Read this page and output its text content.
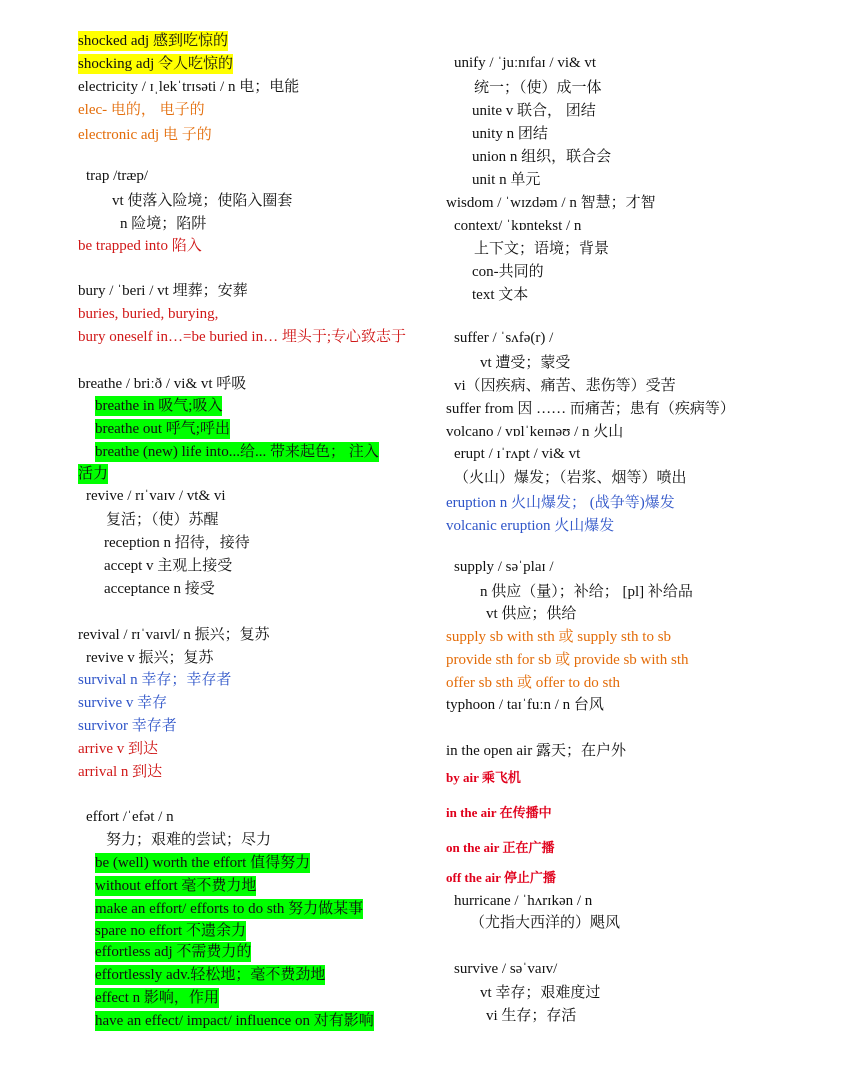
shocked adj 感到吃惊的
shocking adj 令人吃惊的
electricity / ɪˌlekˈtrɪsəti / n 电；电能
elec- 电的， 电子的
electronic adj 电 子的
trap /træp/
vt 使落入险境；使陷入圈套
n 险境；陷阱
be trapped into 陷入
bury / ˈberi / vt 埋葬；安葬
buries, buried, burying,
bury oneself in…=be buried in… 埋头于;专心致志于
breathe / briːð / vi& vt 呼吸
breathe in 吸气;吸入
breathe out 呼气;呼出
breathe (new) life into...给... 带来起色； 注入
活力
revive / rɪˈvaɪv / vt& vi
复活；（使）苏醒
reception n 招待，接待
accept v 主观上接受
acceptance n 接受
revival / rɪˈvaɪvl/ n 振兴；复苏
revive v 振兴；复苏
survival n 幸存；幸存者
survive v 幸存
survivor 幸存者
arrive v 到达
arrival n 到达
effort /ˈefət / n
努力；艰难的尝试；尽力
be (well) worth the effort 值得努力
without effort 毫不费力地
make an effort/ efforts to do sth 努力做某事
spare no effort 不遗余力
effortless adj 不需费力的
effortlessly adv.轻松地；毫不费劲地
effect n 影响，作用
have an effect/ impact/ influence on 对有影响
unify / ˈjuːnɪfaɪ / vi& vt
统一；（使）成一体
unite v 联合， 团结
unity n 团结
union n 组织，联合会
unit n 单元
wisdom / ˈwɪzdəm / n 智慧；才智
context/ ˈkɒntekst / n
上下文；语境；背景
con-共同的
text 文本
suffer / ˈsʌfə(r) /
vt 遭受；蒙受
vi（因疾病、痛苦、悲伤等）受苦
suffer from 因 …… 而痛苦；患有（疾病等）
volcano / vɒlˈkeɪnəʊ / n 火山
erupt / ɪˈrʌpt / vi& vt
（火山）爆发；（岩浆、烟等）喷出
eruption n 火山爆发； (战争等)爆发
volcanic eruption 火山爆发
supply / səˈplaɪ /
n 供应（量）；补给； [pl] 补给品
vt 供应；供给
supply sb with sth 或 supply sth to sb
provide sth for sb 或 provide sb with sth
offer sb sth 或 offer to do sth
typhoon / taɪˈfuːn / n 台风
in the open air 露天；在户外
by air 乘飞机
in the air 在传播中
on the air 正在广播
off the air 停止广播
hurricane / ˈhʌrɪkən / n
（尤指大西洋的）飓风
survive / səˈvaɪv/
vt 幸存；艰难度过
vi 生存；存活
